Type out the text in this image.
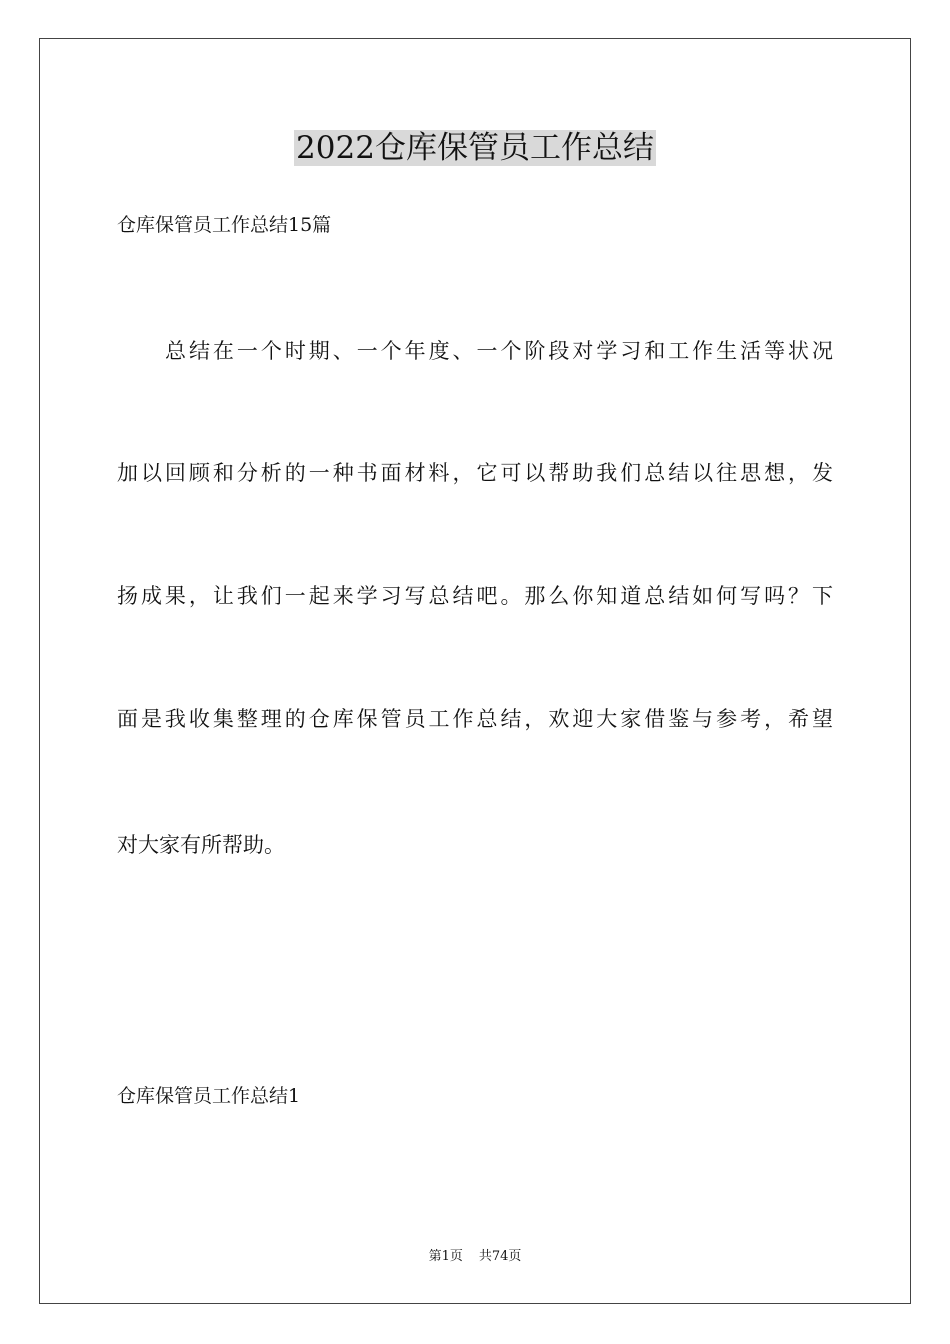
2022仓库保管员工作总结
仓库保管员工作总结15篇
总结在一个时期、一个年度、一个阶段对学习和工作生活等状况
加以回顾和分析的一种书面材料，它可以帮助我们总结以往思想，发
扬成果，让我们一起来学习写总结吧。那么你知道总结如何写吗？下
面是我收集整理的仓库保管员工作总结，欢迎大家借鉴与参考，希望
对大家有所帮助。
仓库保管员工作总结1
第1页 共74页
